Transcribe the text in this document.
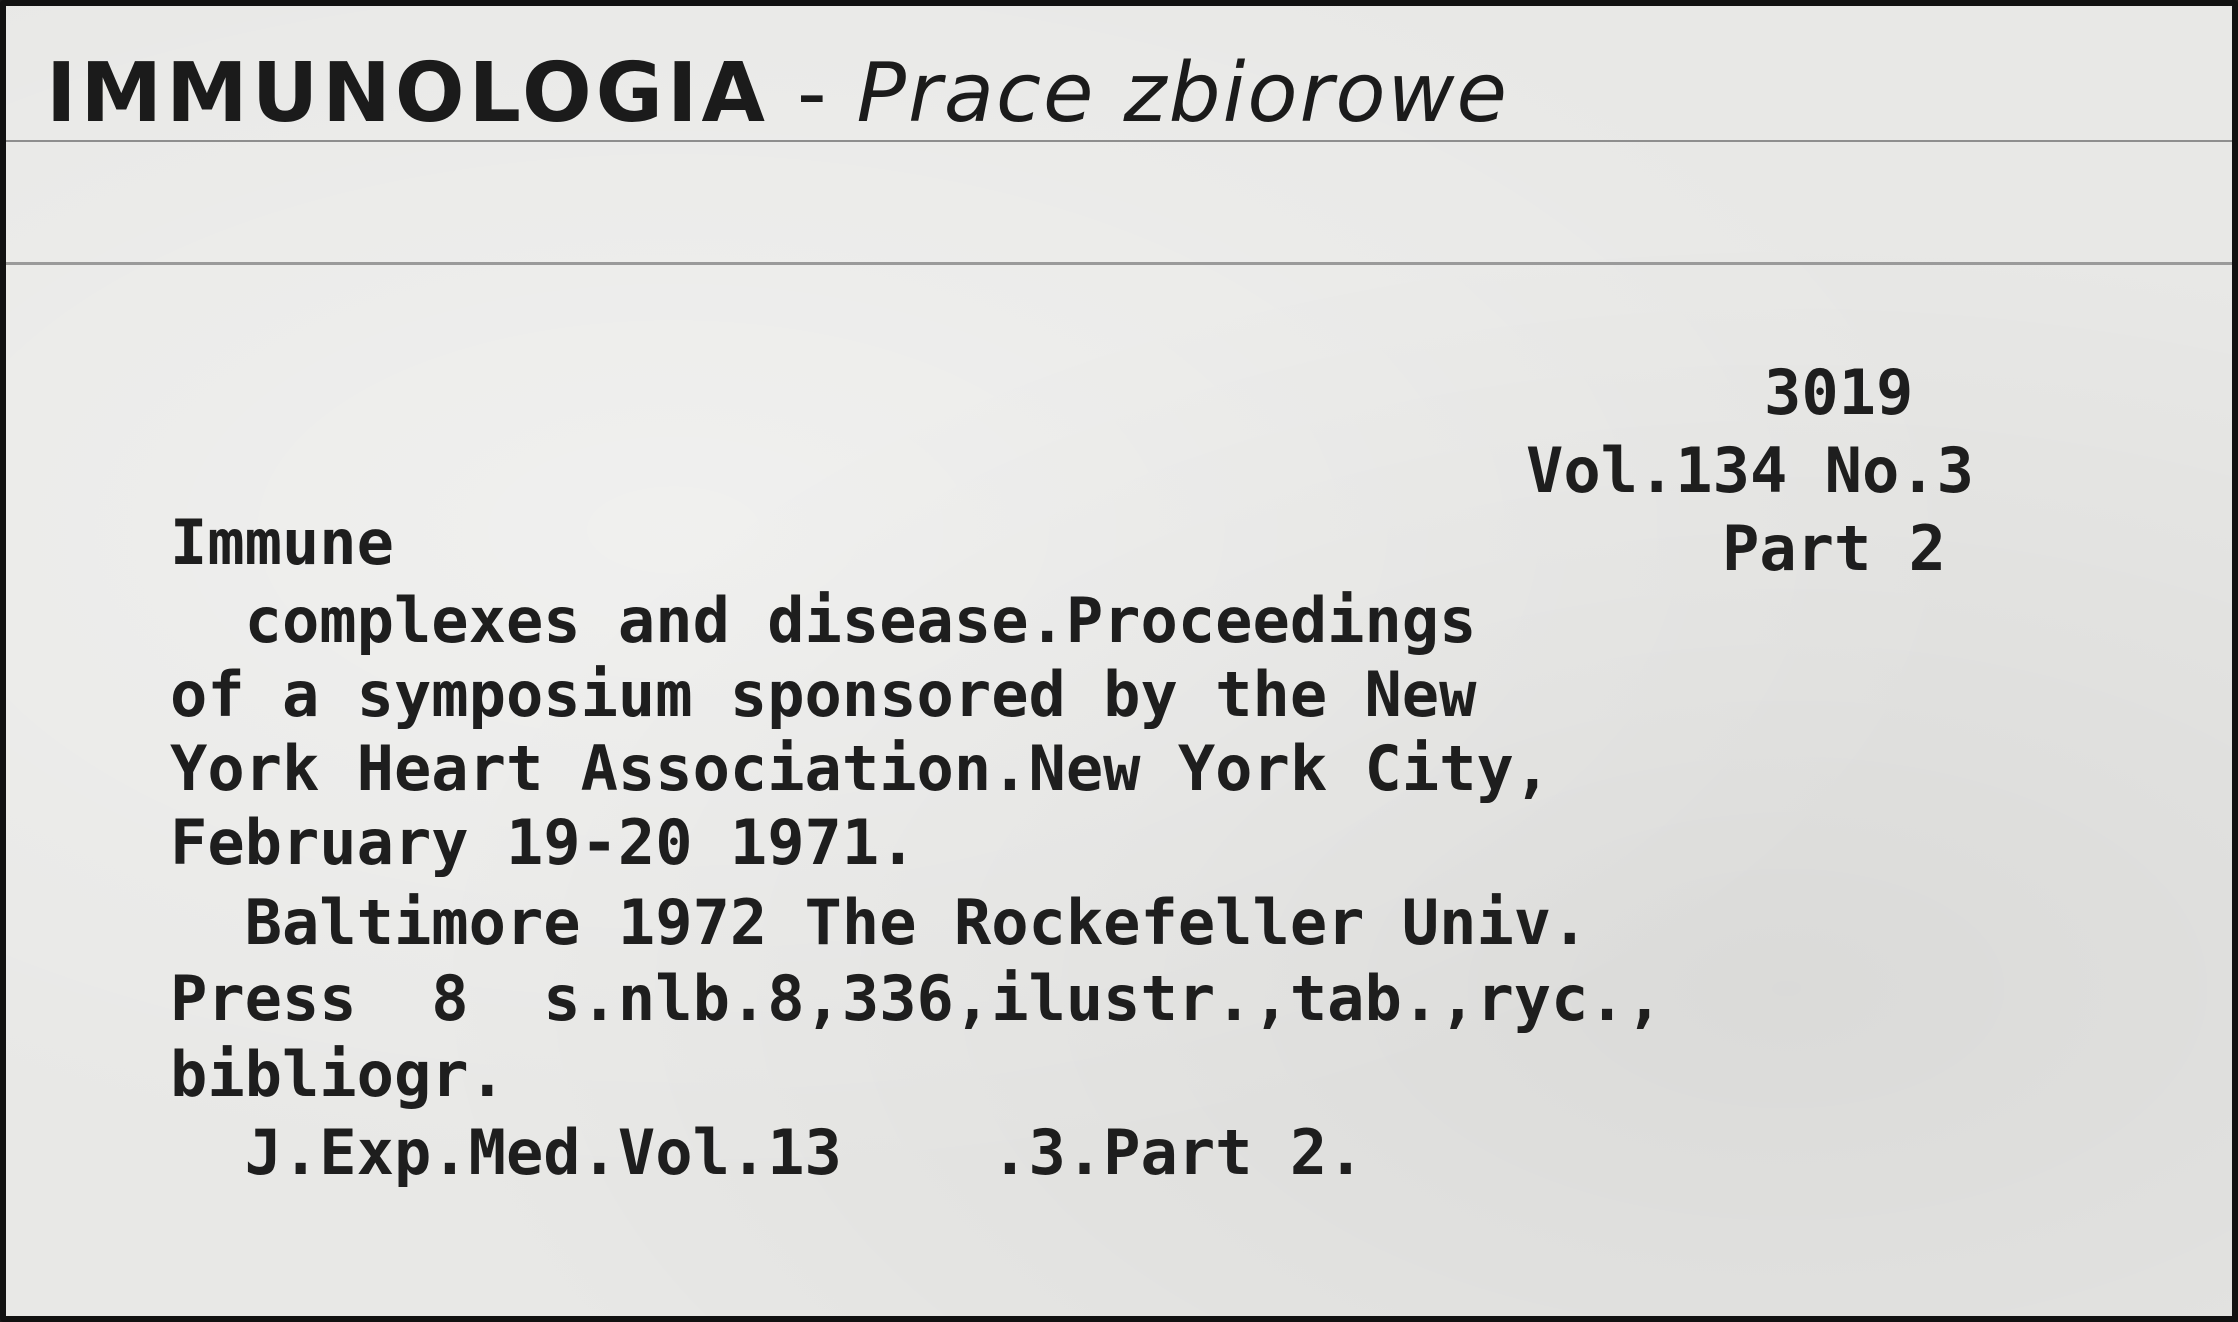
IMMUNOLOGIA - Prace zbiorowe
3019
Vol.134 No.3
Part 2
Immune
complexes and disease.Proceedings
of a symposium sponsored by the New
York Heart Association.New York City,
February 19-20 1971.
Baltimore 1972 The Rockefeller Univ.
Press  8  s.nlb.8,336,ilustr.,tab.,ryc.,
bibliogr.
J.Exp.Med.Vol.13    .3.Part 2.
